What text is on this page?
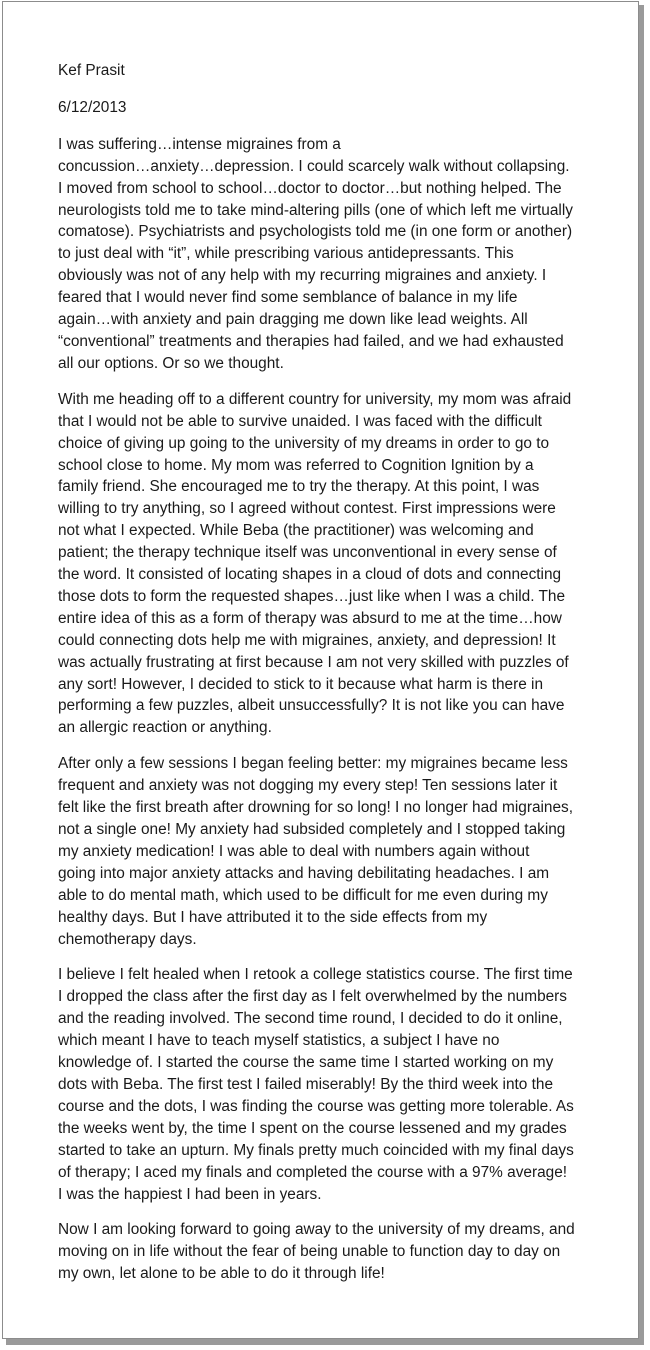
Kef Prasit

6/12/2013

I was suffering…intense migraines from a
concussion…anxiety…depression. I could scarcely walk without collapsing.
I moved from school to school…doctor to doctor…but nothing helped. The
neurologists told me to take mind-altering pills (one of which left me virtually
comatose). Psychiatrists and psychologists told me (in one form or another)
to just deal with “it”, while prescribing various antidepressants. This
obviously was not of any help with my recurring migraines and anxiety. I
feared that I would never find some semblance of balance in my life
again…with anxiety and pain dragging me down like lead weights. All
“conventional” treatments and therapies had failed, and we had exhausted
all our options. Or so we thought.

With me heading off to a different country for university, my mom was afraid
that I would not be able to survive unaided. I was faced with the difficult
choice of giving up going to the university of my dreams in order to go to
school close to home. My mom was referred to Cognition Ignition by a
family friend. She encouraged me to try the therapy. At this point, I was
willing to try anything, so I agreed without contest. First impressions were
not what I expected. While Beba (the practitioner) was welcoming and
patient; the therapy technique itself was unconventional in every sense of
the word. It consisted of locating shapes in a cloud of dots and connecting
those dots to form the requested shapes…just like when I was a child. The
entire idea of this as a form of therapy was absurd to me at the time…how
could connecting dots help me with migraines, anxiety, and depression! It
was actually frustrating at first because I am not very skilled with puzzles of
any sort! However, I decided to stick to it because what harm is there in
performing a few puzzles, albeit unsuccessfully? It is not like you can have
an allergic reaction or anything.

After only a few sessions I began feeling better: my migraines became less
frequent and anxiety was not dogging my every step! Ten sessions later it
felt like the first breath after drowning for so long! I no longer had migraines,
not a single one! My anxiety had subsided completely and I stopped taking
my anxiety medication! I was able to deal with numbers again without
going into major anxiety attacks and having debilitating headaches. I am
able to do mental math, which used to be difficult for me even during my
healthy days. But I have attributed it to the side effects from my
chemotherapy days.

I believe I felt healed when I retook a college statistics course. The first time
I dropped the class after the first day as I felt overwhelmed by the numbers
and the reading involved. The second time round, I decided to do it online,
which meant I have to teach myself statistics, a subject I have no
knowledge of. I started the course the same time I started working on my
dots with Beba. The first test I failed miserably! By the third week into the
course and the dots, I was finding the course was getting more tolerable. As
the weeks went by, the time I spent on the course lessened and my grades
started to take an upturn. My finals pretty much coincided with my final days
of therapy; I aced my finals and completed the course with a 97% average!
I was the happiest I had been in years.

Now I am looking forward to going away to the university of my dreams, and
moving on in life without the fear of being unable to function day to day on
my own, let alone to be able to do it through life!
